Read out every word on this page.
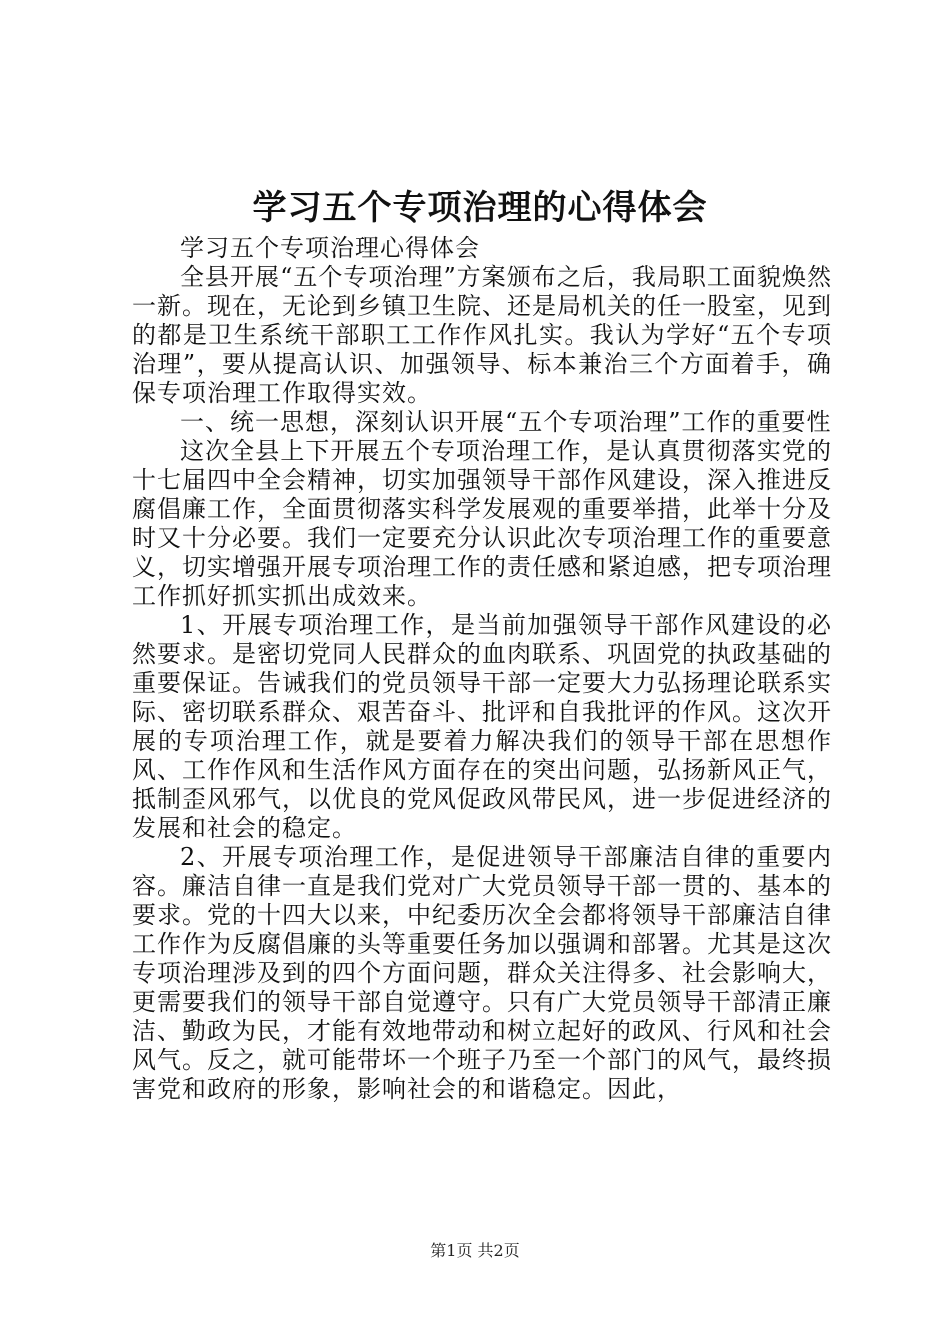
学习五个专项治理的心得体会

学习五个专项治理心得体会

全县开展“五个专项治理”方案颁布之后，我局职工面貌焕然一新。现在，无论到乡镇卫生院、还是局机关的任一股室，见到的都是卫生系统干部职工工作作风扎实。我认为学好“五个专项治理”，要从提高认识、加强领导、标本兼治三个方面着手，确保专项治理工作取得实效。

一、统一思想，深刻认识开展“五个专项治理”工作的重要性

这次全县上下开展五个专项治理工作，是认真贯彻落实党的十七届四中全会精神，切实加强领导干部作风建设，深入推进反腐倡廉工作，全面贯彻落实科学发展观的重要举措，此举十分及时又十分必要。我们一定要充分认识此次专项治理工作的重要意义，切实增强开展专项治理工作的责任感和紧迫感，把专项治理工作抓好抓实抓出成效来。

1、开展专项治理工作，是当前加强领导干部作风建设的必然要求。是密切党同人民群众的血肉联系、巩固党的执政基础的重要保证。告诫我们的党员领导干部一定要大力弘扬理论联系实际、密切联系群众、艰苦奋斗、批评和自我批评的作风。这次开展的专项治理工作，就是要着力解决我们的领导干部在思想作风、工作作风和生活作风方面存在的突出问题，弘扬新风正气，抵制歪风邪气，以优良的党风促政风带民风，进一步促进经济的发展和社会的稳定。

2、开展专项治理工作，是促进领导干部廉洁自律的重要内容。廉洁自律一直是我们党对广大党员领导干部一贯的、基本的要求。党的十四大以来，中纪委历次全会都将领导干部廉洁自律工作作为反腐倡廉的头等重要任务加以强调和部署。尤其是这次专项治理涉及到的四个方面问题，群众关注得多、社会影响大，更需要我们的领导干部自觉遵守。只有广大党员领导干部清正廉洁、勤政为民，才能有效地带动和树立起好的政风、行风和社会风气。反之，就可能带坏一个班子乃至一个部门的风气，最终损害党和政府的形象，影响社会的和谐稳定。因此，

第1页 共2页
